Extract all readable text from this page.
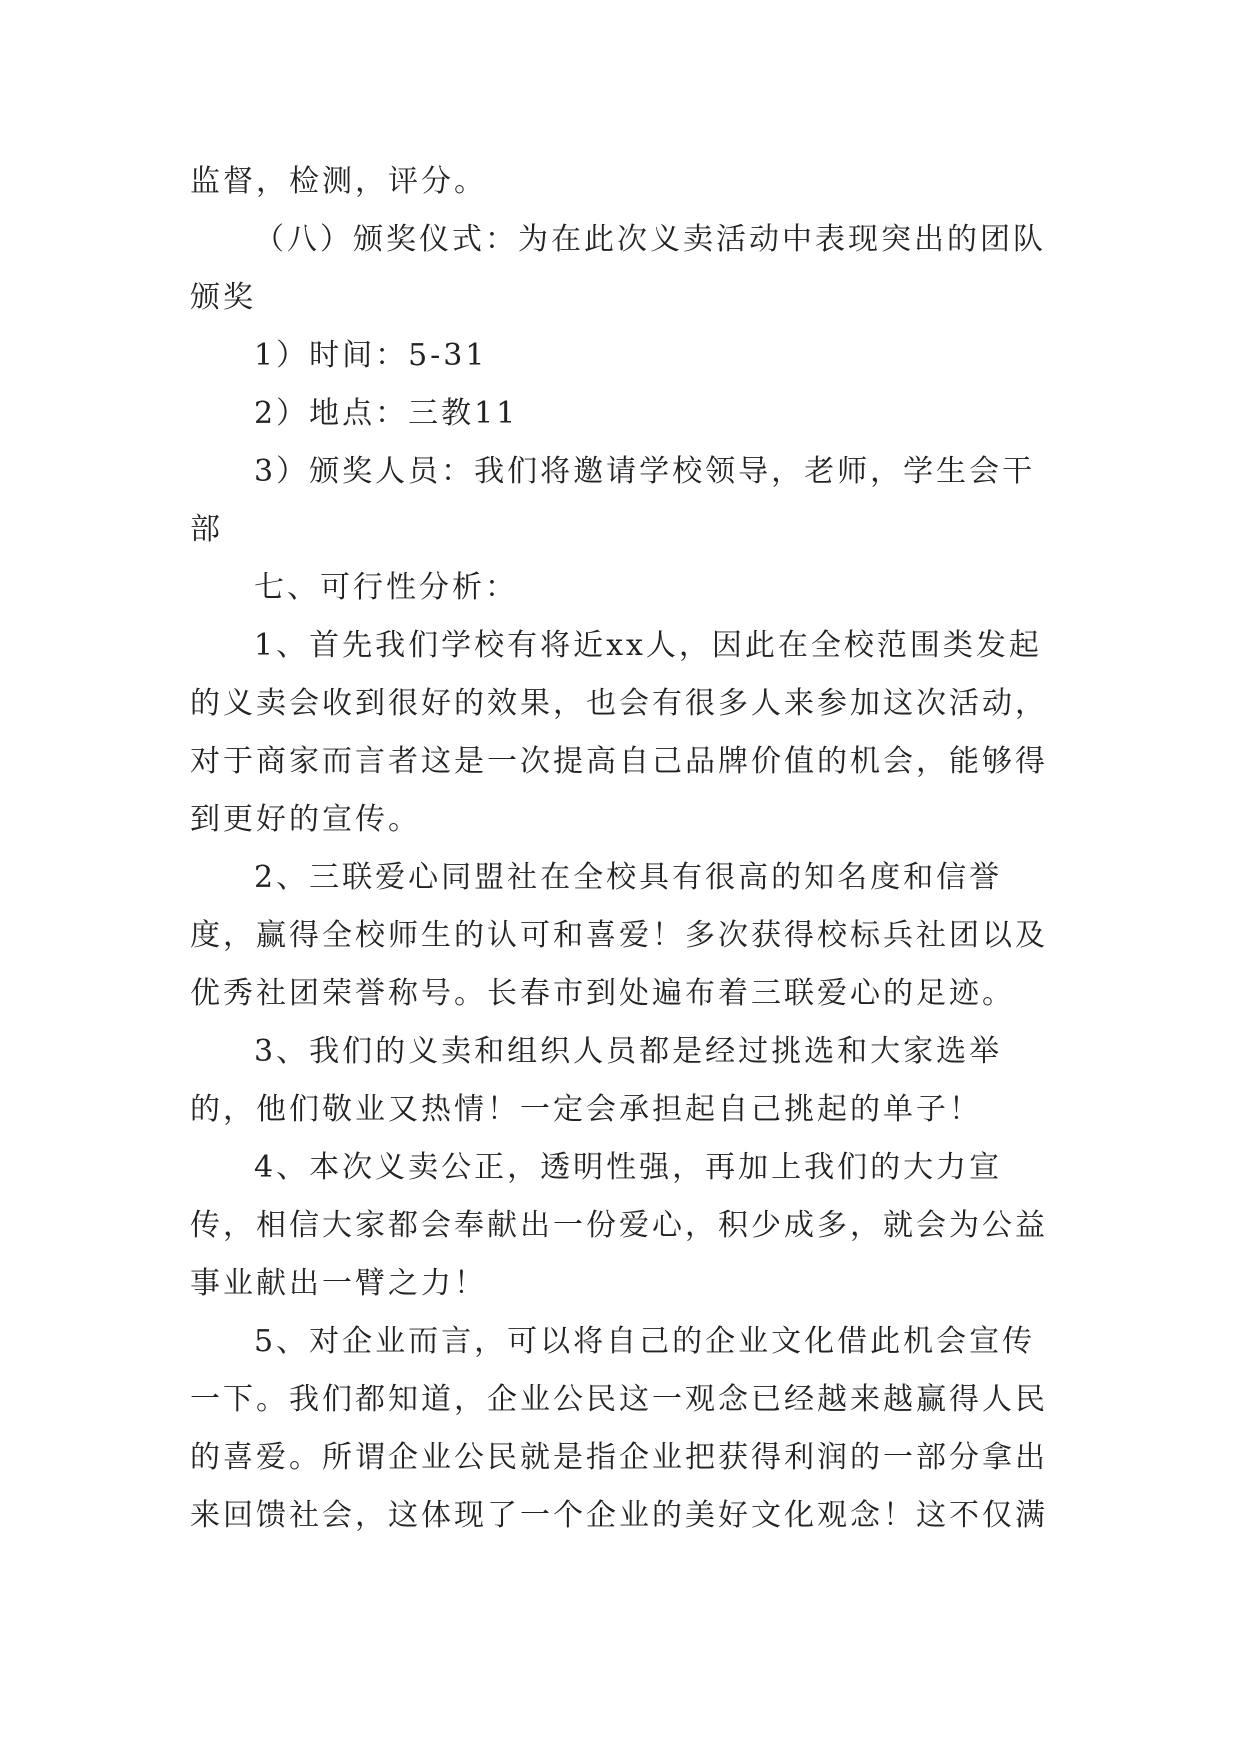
监督，检测，评分。

（八）颁奖仪式：为在此次义卖活动中表现突出的团队颁奖

1）时间：5-31

2）地点：三教11

3）颁奖人员：我们将邀请学校领导，老师，学生会干部

七、可行性分析：

1、首先我们学校有将近xx人，因此在全校范围类发起的义卖会收到很好的效果，也会有很多人来参加这次活动，对于商家而言者这是一次提高自己品牌价值的机会，能够得到更好的宣传。

2、三联爱心同盟社在全校具有很高的知名度和信誉度，赢得全校师生的认可和喜爱！多次获得校标兵社团以及优秀社团荣誉称号。长春市到处遍布着三联爱心的足迹。

3、我们的义卖和组织人员都是经过挑选和大家选举的，他们敬业又热情！一定会承担起自己挑起的单子！

4、本次义卖公正，透明性强，再加上我们的大力宣传，相信大家都会奉献出一份爱心，积少成多，就会为公益事业献出一臂之力！

5、对企业而言，可以将自己的企业文化借此机会宣传一下。我们都知道，企业公民这一观念已经越来越赢得人民的喜爱。所谓企业公民就是指企业把获得利润的一部分拿出来回馈社会，这体现了一个企业的美好文化观念！这不仅满
